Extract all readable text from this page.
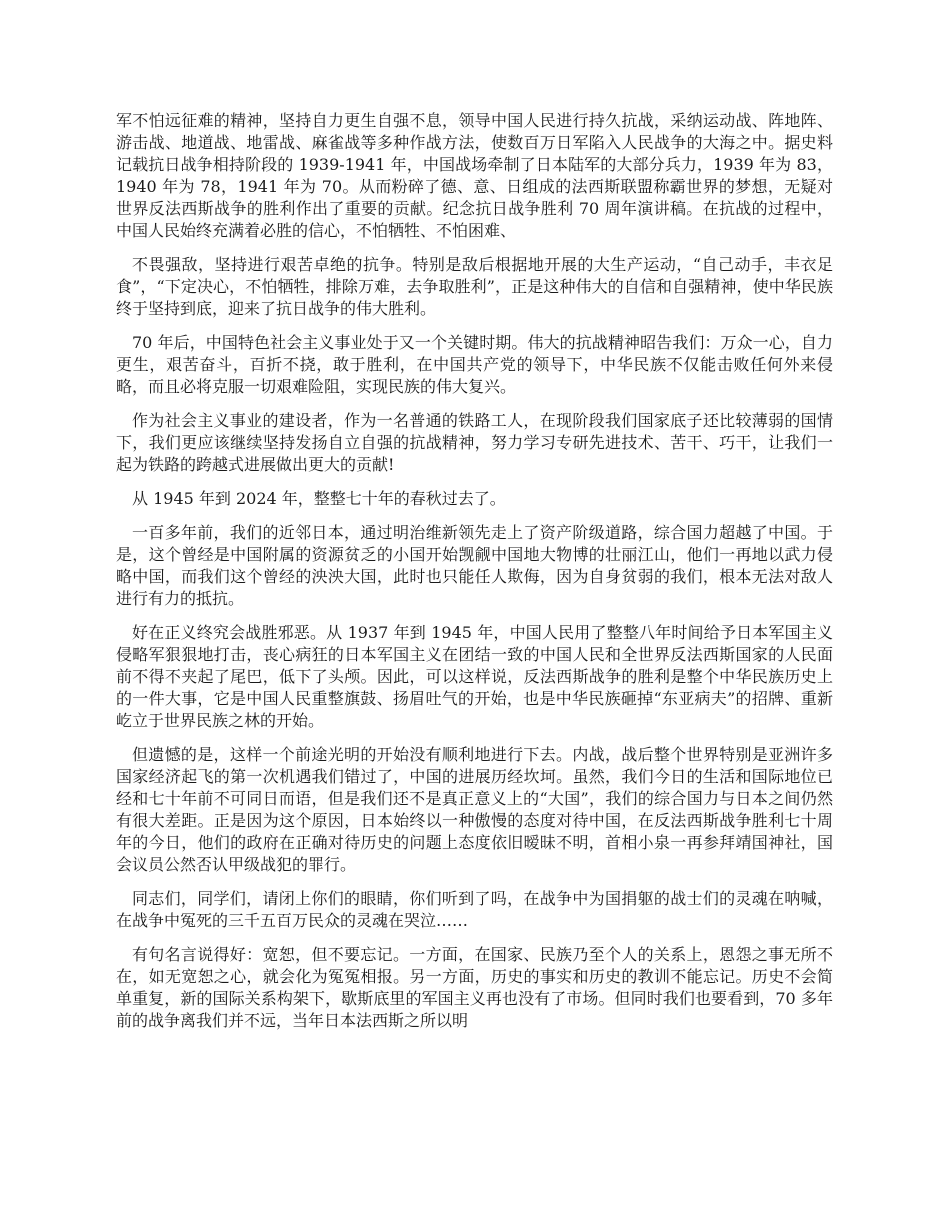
军不怕远征难的精神，坚持自力更生自强不息，领导中国人民进行持久抗战，采纳运动战、阵地阵、游击战、地道战、地雷战、麻雀战等多种作战方法，使数百万日军陷入人民战争的大海之中。据史料记载抗日战争相持阶段的 1939-1941 年，中国战场牵制了日本陆军的大部分兵力，1939 年为 83，1940 年为 78，1941 年为 70。从而粉碎了德、意、日组成的法西斯联盟称霸世界的梦想，无疑对世界反法西斯战争的胜利作出了重要的贡献。纪念抗日战争胜利 70 周年演讲稿。在抗战的过程中，中国人民始终充满着必胜的信心，不怕牺牲、不怕困难、

不畏强敌，坚持进行艰苦卓绝的抗争。特别是敌后根据地开展的大生产运动，“自己动手，丰衣足食”，“下定决心，不怕牺牲，排除万难，去争取胜利”，正是这种伟大的自信和自强精神，使中华民族终于坚持到底，迎来了抗日战争的伟大胜利。

70 年后，中国特色社会主义事业处于又一个关键时期。伟大的抗战精神昭告我们：万众一心，自力更生，艰苦奋斗，百折不挠，敢于胜利，在中国共产党的领导下，中华民族不仅能击败任何外来侵略，而且必将克服一切艰难险阻，实现民族的伟大复兴。

作为社会主义事业的建设者，作为一名普通的铁路工人，在现阶段我们国家底子还比较薄弱的国情下，我们更应该继续坚持发扬自立自强的抗战精神，努力学习专研先进技术、苦干、巧干，让我们一起为铁路的跨越式进展做出更大的贡献!

从 1945 年到 2024 年，整整七十年的春秋过去了。

一百多年前，我们的近邻日本，通过明治维新领先走上了资产阶级道路，综合国力超越了中国。于是，这个曾经是中国附属的资源贫乏的小国开始觊觎中国地大物博的壮丽江山，他们一再地以武力侵略中国，而我们这个曾经的泱泱大国，此时也只能任人欺侮，因为自身贫弱的我们，根本无法对敌人进行有力的抵抗。

好在正义终究会战胜邪恶。从 1937 年到 1945 年，中国人民用了整整八年时间给予日本军国主义侵略军狠狠地打击，丧心病狂的日本军国主义在团结一致的中国人民和全世界反法西斯国家的人民面前不得不夹起了尾巴，低下了头颅。因此，可以这样说，反法西斯战争的胜利是整个中华民族历史上的一件大事，它是中国人民重整旗鼓、扬眉吐气的开始，也是中华民族砸掉“东亚病夫”的招牌、重新屹立于世界民族之林的开始。

但遗憾的是，这样一个前途光明的开始没有顺利地进行下去。内战，战后整个世界特别是亚洲许多国家经济起飞的第一次机遇我们错过了，中国的进展历经坎坷。虽然，我们今日的生活和国际地位已经和七十年前不可同日而语，但是我们还不是真正意义上的“大国”，我们的综合国力与日本之间仍然有很大差距。正是因为这个原因，日本始终以一种傲慢的态度对待中国，在反法西斯战争胜利七十周年的今日，他们的政府在正确对待历史的问题上态度依旧暧昧不明，首相小泉一再参拜靖国神社，国会议员公然否认甲级战犯的罪行。

同志们，同学们，请闭上你们的眼睛，你们听到了吗，在战争中为国捐躯的战士们的灵魂在呐喊，在战争中冤死的三千五百万民众的灵魂在哭泣……

有句名言说得好：宽恕，但不要忘记。一方面，在国家、民族乃至个人的关系上，恩怨之事无所不在，如无宽恕之心，就会化为冤冤相报。另一方面，历史的事实和历史的教训不能忘记。历史不会简单重复，新的国际关系构架下，歇斯底里的军国主义再也没有了市场。但同时我们也要看到，70 多年前的战争离我们并不远，当年日本法西斯之所以明
